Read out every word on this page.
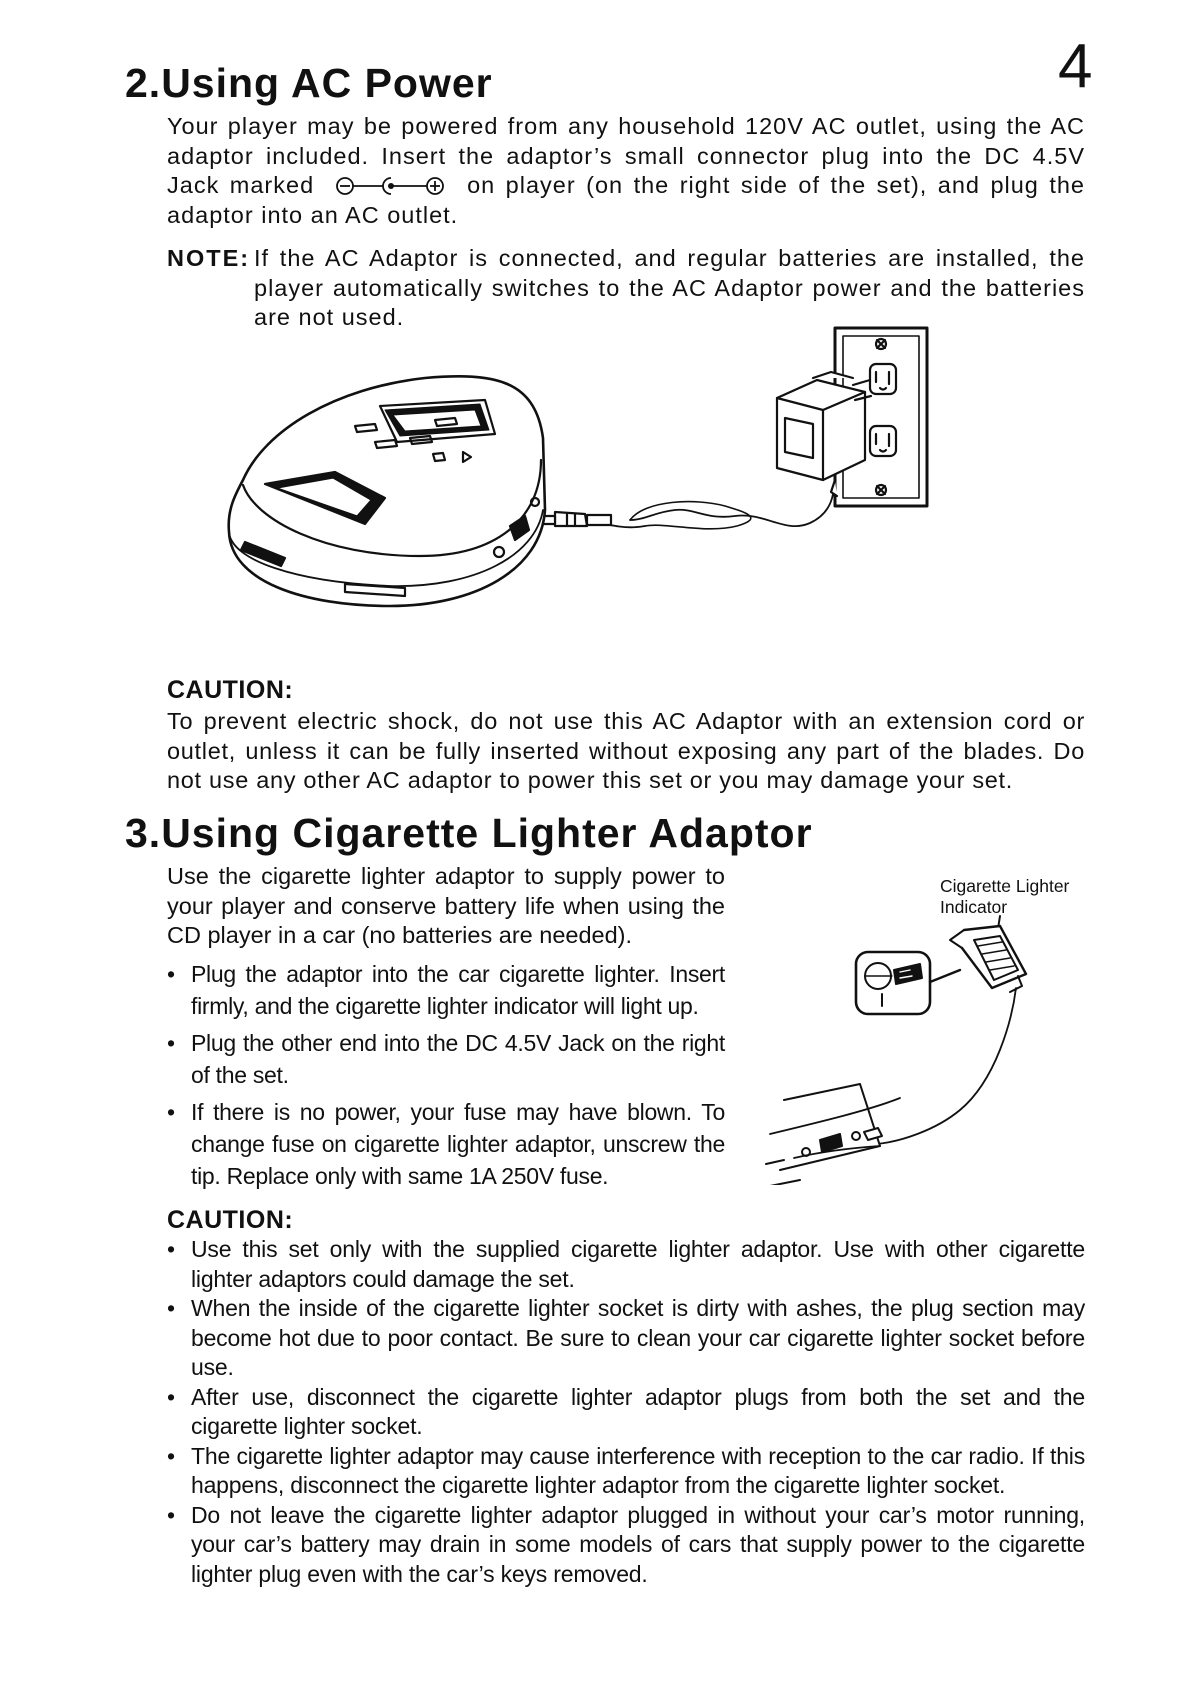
4
2.Using AC Power
Your player may be powered from any household 120V AC outlet, using the AC adaptor included. Insert the adaptor’s small connector plug into the DC 4.5V Jack marked	on player (on the right side of the set), and plug the adaptor into an AC outlet.
NOTE: If the AC Adaptor is connected, and regular batteries are installed, the player automatically switches to the AC Adaptor power and the batteries are not used.
CAUTION:
To prevent electric shock, do not use this AC Adaptor with an extension cord or outlet, unless it can be fully inserted without exposing any part of the blades. Do not use any other AC adaptor to power this set or you may damage your set.
3.Using Cigarette Lighter Adaptor
Use the cigarette lighter adaptor to supply power to your player and conserve battery life when using the CD player in a car (no batteries are needed).
• Plug the adaptor into the car cigarette lighter. Insert firmly, and the cigarette lighter indicator will light up.
• Plug the other end into the DC 4.5V Jack on the right of the set.
• If there is no power, your fuse may have blown. To change fuse on cigarette lighter adaptor, unscrew the tip. Replace only with same 1A 250V fuse.
Cigarette Lighter
Indicator
CAUTION:
• Use this set only with the supplied cigarette lighter adaptor. Use with other cigarette lighter adaptors could damage the set.
• When the inside of the cigarette lighter socket is dirty with ashes, the plug section may become hot due to poor contact. Be sure to clean your car cigarette lighter socket before use.
• After use, disconnect the cigarette lighter adaptor plugs from both the set and the cigarette lighter socket.
• The cigarette lighter adaptor may cause interference with reception to the car radio. If this happens, disconnect the cigarette lighter adaptor from the cigarette lighter socket.
• Do not leave the cigarette lighter adaptor plugged in without your car’s motor running, your car’s battery may drain in some models of cars that supply power to the cigarette lighter plug even with the car’s keys removed.
